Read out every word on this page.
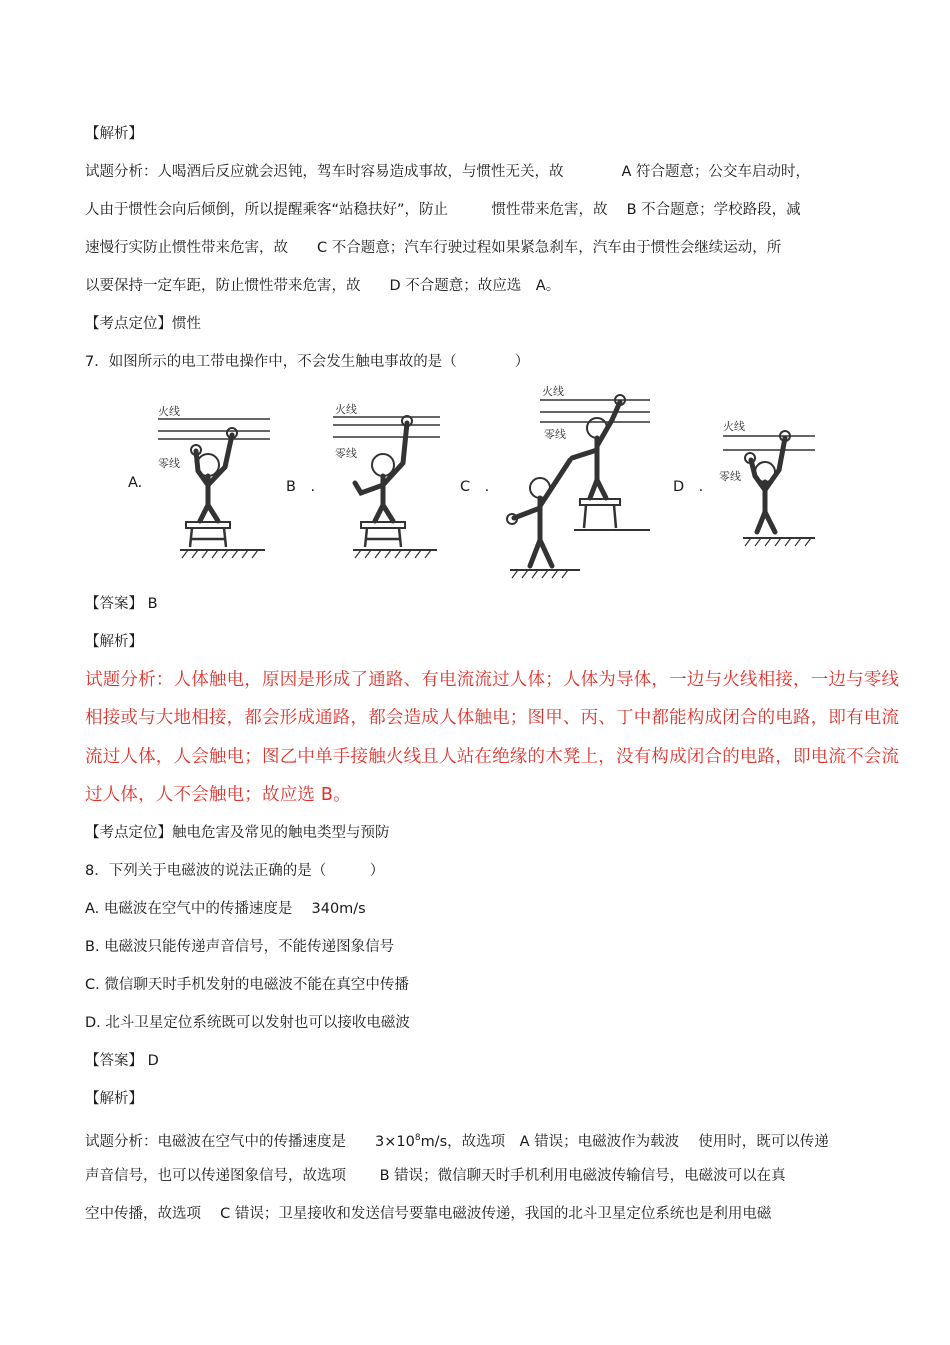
【解析】
试题分析：人喝酒后反应就会迟钝，驾车时容易造成事故，与惯性无关，故　　　　A 符合题意；公交车启动时，
人由于惯性会向后倾倒，所以提醒乘客“站稳扶好”，防止　　　惯性带来危害，故　 B 不合题意；学校路段，减
速慢行实防止惯性带来危害，故　　C 不合题意；汽车行驶过程如果紧急刹车，汽车由于惯性会继续运动，所
以要保持一定车距，防止惯性带来危害，故　　D 不合题意；故应选　A。
【考点定位】惯性
7．如图所示的电工带电操作中，不会发生触电事故的是（　　　　）
A.	B　.	C　.	D　.
火线
零线
火线
零线
火线
零线
火线
零线
【答案】 B
【解析】
试题分析：人体触电，原因是形成了通路、有电流流过人体；人体为导体，一边与火线相接，一边与零线
相接或与大地相接，都会形成通路，都会造成人体触电；图甲、丙、丁中都能构成闭合的电路，即有电流
流过人体，人会触电；图乙中单手接触火线且人站在绝缘的木凳上，没有构成闭合的电路，即电流不会流
过人体，人不会触电；故应选 B。
【考点定位】触电危害及常见的触电类型与预防
8．下列关于电磁波的说法正确的是（　　　）
A. 电磁波在空气中的传播速度是　 340m/s
B. 电磁波只能传递声音信号，不能传递图象信号
C. 微信聊天时手机发射的电磁波不能在真空中传播
D. 北斗卫星定位系统既可以发射也可以接收电磁波
【答案】 D
【解析】
试题分析：电磁波在空气中的传播速度是　　$3\times 10^8m/s$，故选项　A 错误；电磁波作为载波　 使用时，既可以传递
声音信号，也可以传递图象信号，故选项　　 B 错误；微信聊天时手机利用电磁波传输信号，电磁波可以在真
空中传播，故选项　 C 错误；卫星接收和发送信号要靠电磁波传递，我国的北斗卫星定位系统也是利用电磁
